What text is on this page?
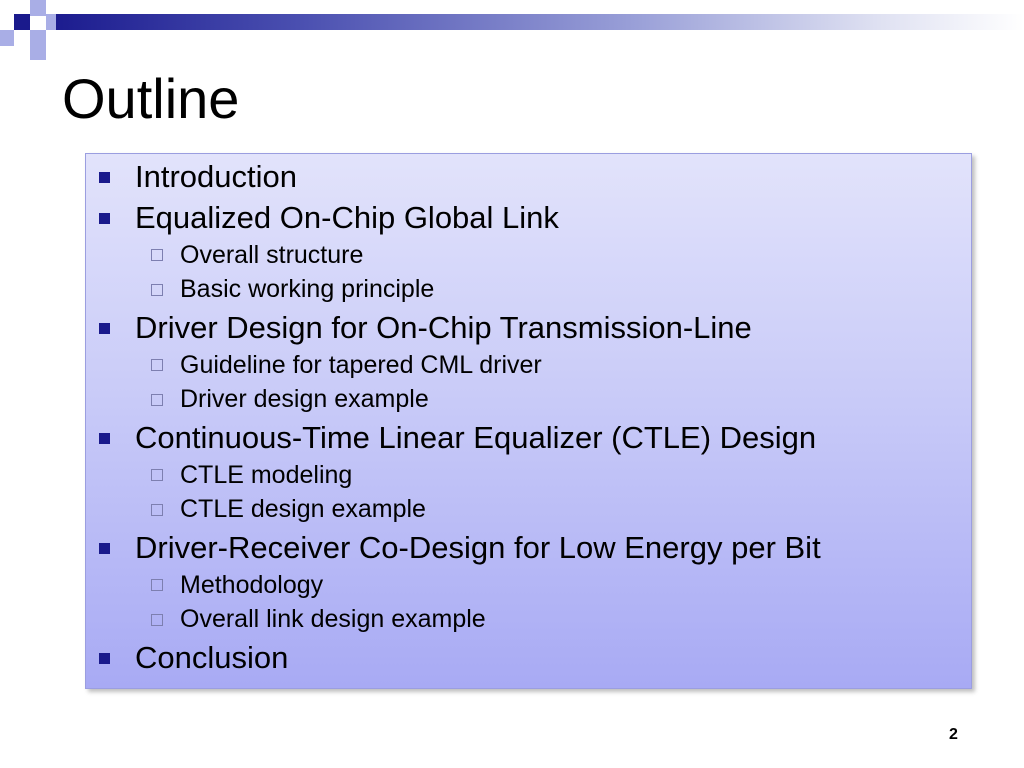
Outline
Introduction
Equalized On-Chip Global Link
Overall structure
Basic working principle
Driver Design for On-Chip Transmission-Line
Guideline for tapered CML driver
Driver design example
Continuous-Time Linear Equalizer (CTLE) Design
CTLE modeling
CTLE design example
Driver-Receiver Co-Design for Low Energy per Bit
Methodology
Overall link design example
Conclusion
2
